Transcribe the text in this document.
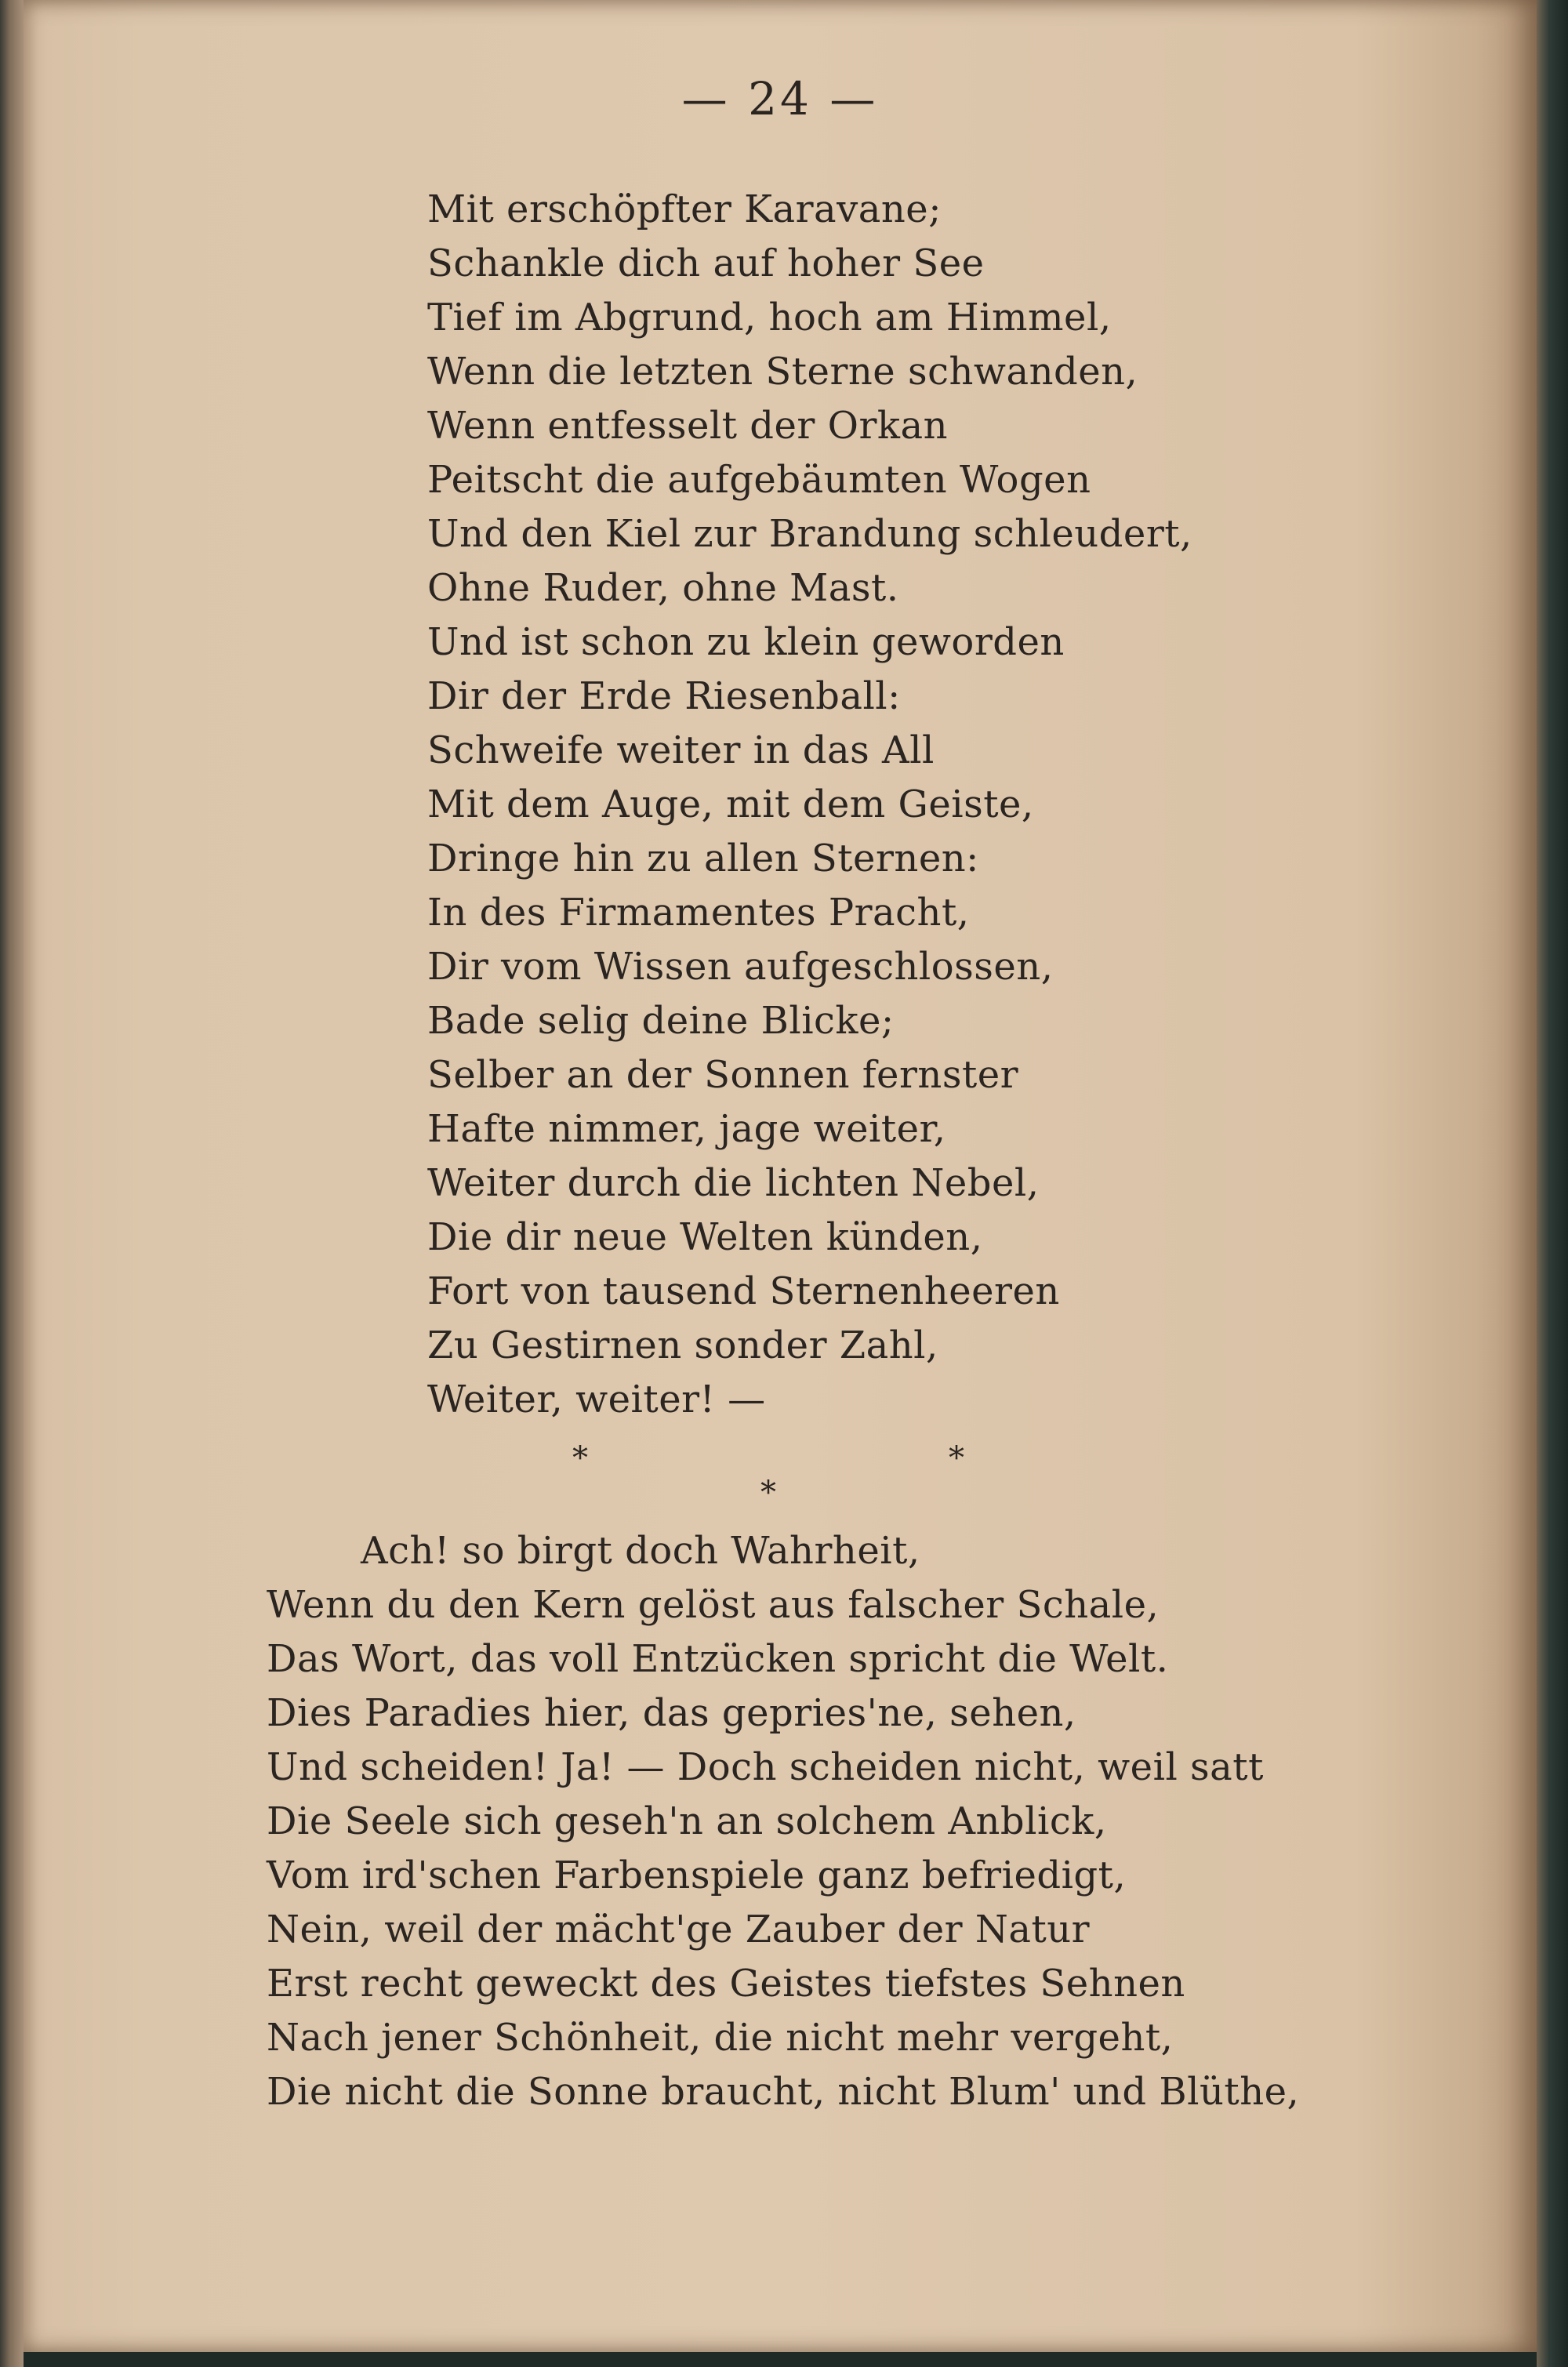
— 24 —
Mit erschöpfter Karavane;
Schankle dich auf hoher See
Tief im Abgrund, hoch am Himmel,
Wenn die letzten Sterne schwanden,
Wenn entfesselt der Orkan
Peitscht die aufgebäumten Wogen
Und den Kiel zur Brandung schleudert,
Ohne Ruder, ohne Mast.
Und ist schon zu klein geworden
Dir der Erde Riesenball:
Schweife weiter in das All
Mit dem Auge, mit dem Geiste,
Dringe hin zu allen Sternen:
In des Firmamentes Pracht,
Dir vom Wissen aufgeschlossen,
Bade selig deine Blicke;
Selber an der Sonnen fernster
Hafte nimmer, jage weiter,
Weiter durch die lichten Nebel,
Die dir neue Welten künden,
Fort von tausend Sternenheeren
Zu Gestirnen sonder Zahl,
Weiter, weiter! —
*
*
*
Ach! so birgt doch Wahrheit,
Wenn du den Kern gelöst aus falscher Schale,
Das Wort, das voll Entzücken spricht die Welt.
Dies Paradies hier, das gepries'ne, sehen,
Und scheiden! Ja! — Doch scheiden nicht, weil satt
Die Seele sich geseh'n an solchem Anblick,
Vom ird'schen Farbenspiele ganz befriedigt,
Nein, weil der mächt'ge Zauber der Natur
Erst recht geweckt des Geistes tiefstes Sehnen
Nach jener Schönheit, die nicht mehr vergeht,
Die nicht die Sonne braucht, nicht Blum' und Blüthe,
